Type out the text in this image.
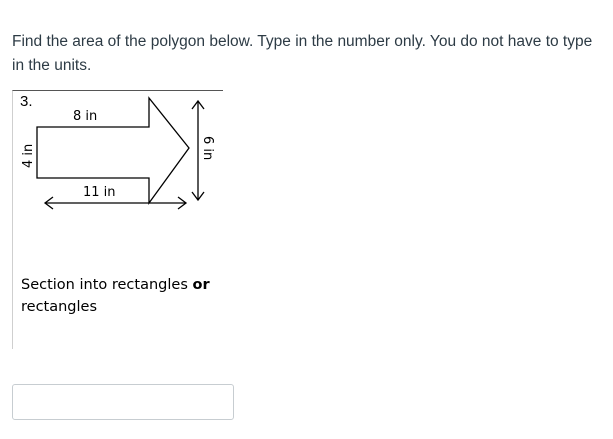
Find the area of the polygon below. Type in the number only. You do not have to type in the units.

3.

8 in
11 in
4 in	6 in

Section into rectangles or
rectangles
